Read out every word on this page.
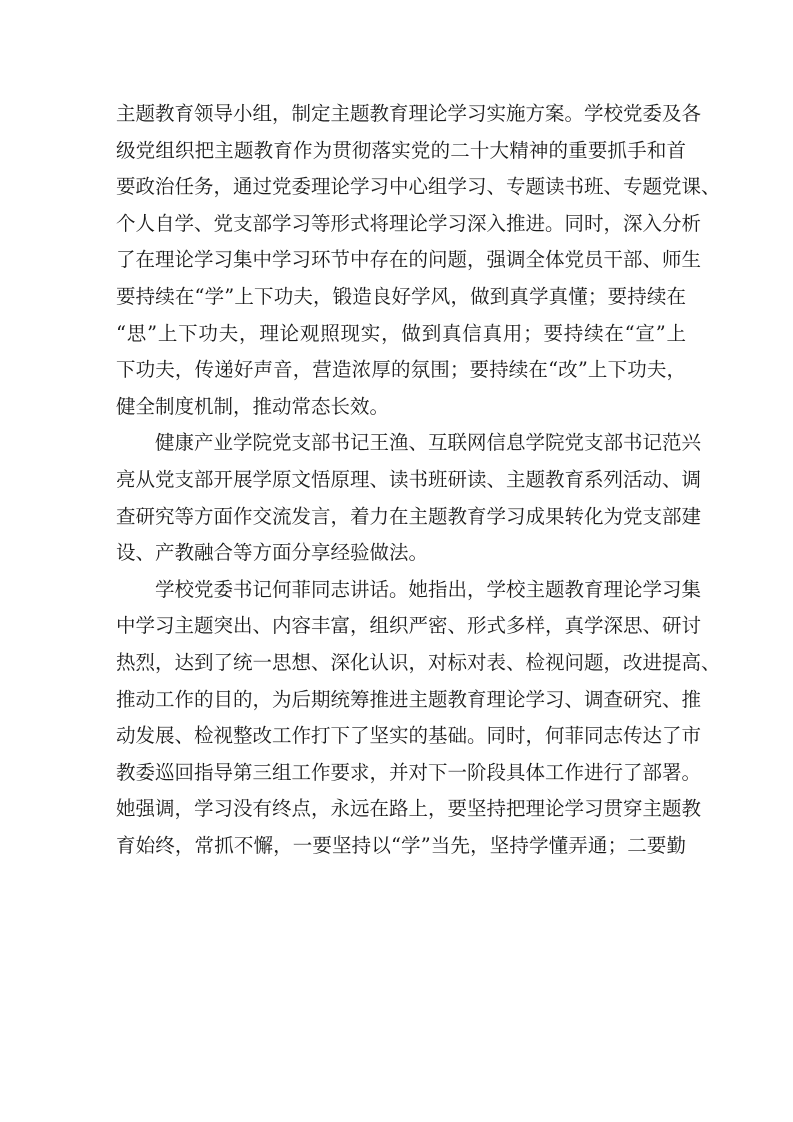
主题教育领导小组，制定主题教育理论学习实施方案。学校党委及各
级党组织把主题教育作为贯彻落实党的二十大精神的重要抓手和首
要政治任务，通过党委理论学习中心组学习、专题读书班、专题党课、
个人自学、党支部学习等形式将理论学习深入推进。同时，深入分析
了在理论学习集中学习环节中存在的问题，强调全体党员干部、师生
要持续在“学”上下功夫，锻造良好学风，做到真学真懂；要持续在
“思”上下功夫，理论观照现实，做到真信真用；要持续在“宣”上
下功夫，传递好声音，营造浓厚的氛围；要持续在“改”上下功夫，
健全制度机制，推动常态长效。
健康产业学院党支部书记王渔、互联网信息学院党支部书记范兴
亮从党支部开展学原文悟原理、读书班研读、主题教育系列活动、调
查研究等方面作交流发言，着力在主题教育学习成果转化为党支部建
设、产教融合等方面分享经验做法。
学校党委书记何菲同志讲话。她指出，学校主题教育理论学习集
中学习主题突出、内容丰富，组织严密、形式多样，真学深思、研讨
热烈，达到了统一思想、深化认识，对标对表、检视问题，改进提高、
推动工作的目的，为后期统筹推进主题教育理论学习、调查研究、推
动发展、检视整改工作打下了坚实的基础。同时，何菲同志传达了市
教委巡回指导第三组工作要求，并对下一阶段具体工作进行了部署。
她强调，学习没有终点，永远在路上，要坚持把理论学习贯穿主题教
育始终，常抓不懈，一要坚持以“学”当先，坚持学懂弄通；二要勤
